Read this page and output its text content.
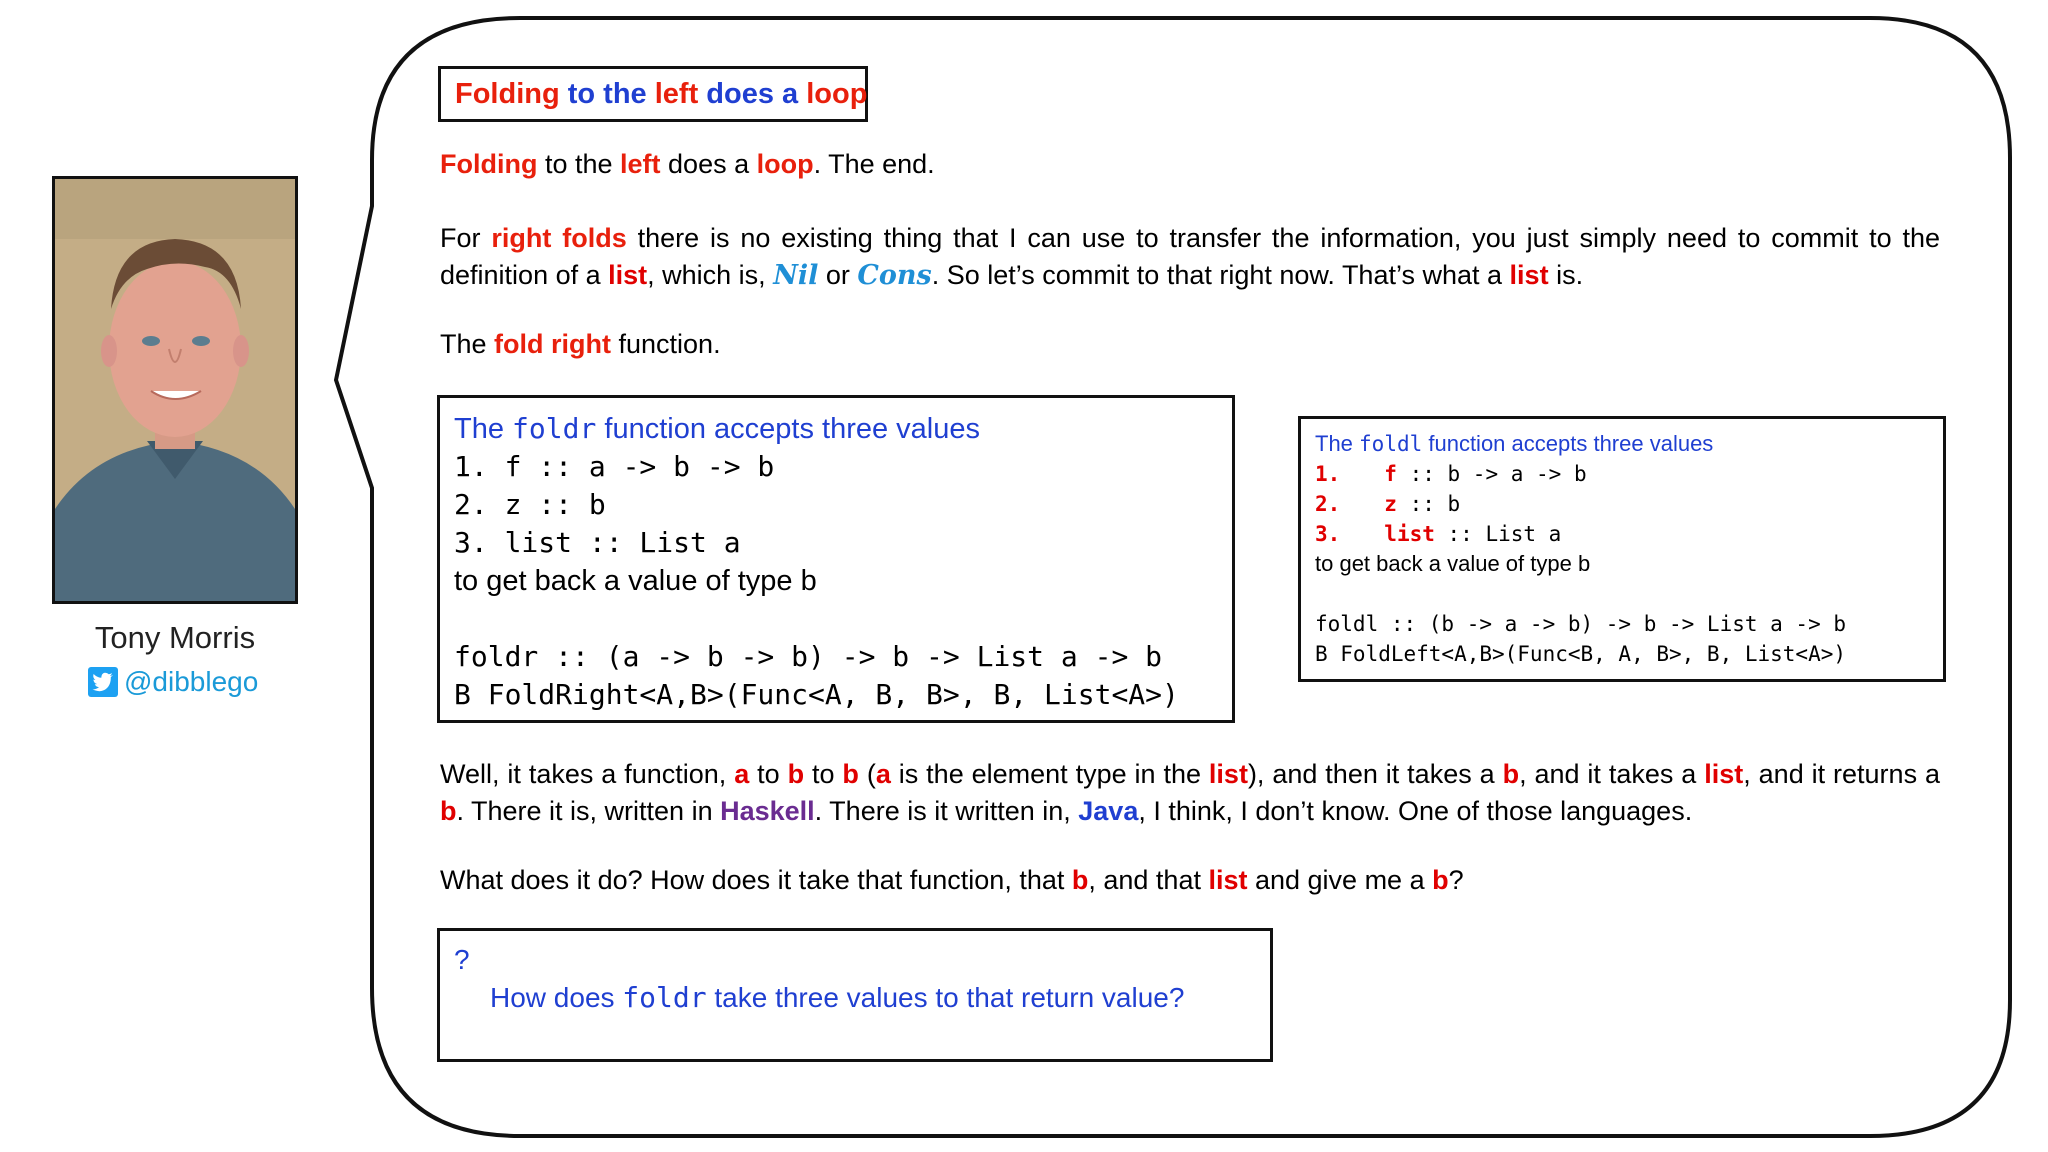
Tony Morris
@dibblego
Folding to the left does a loop
Folding to the left does a loop. The end.
For right folds there is no existing thing that I can use to transfer the information, you just simply need to commit to the definition of a list, which is, Nil or Cons. So let’s commit to that right now. That’s what a list is.
The fold right function.
The foldr function accepts three values
1. f :: a -> b -> b
2. z :: b
3. list :: List a
to get back a value of type b
foldr :: (a -> b -> b) -> b -> List a -> b
B FoldRight<A,B>(Func<A, B, B>, B, List<A>)
The foldl function accepts three values
1. f :: b -> a -> b
2. z :: b
3. list :: List a
to get back a value of type b
foldl :: (b -> a -> b) -> b -> List a -> b
B FoldLeft<A,B>(Func<B, A, B>, B, List<A>)
Well, it takes a function, a to b to b (a is the element type in the list), and then it takes a b, and it takes a list, and it returns a b. There it is, written in Haskell. There is it written in, Java, I think, I don’t know. One of those languages.
What does it do? How does it take that function, that b, and that list and give me a b?
?
How does foldr take three values to that return value?
